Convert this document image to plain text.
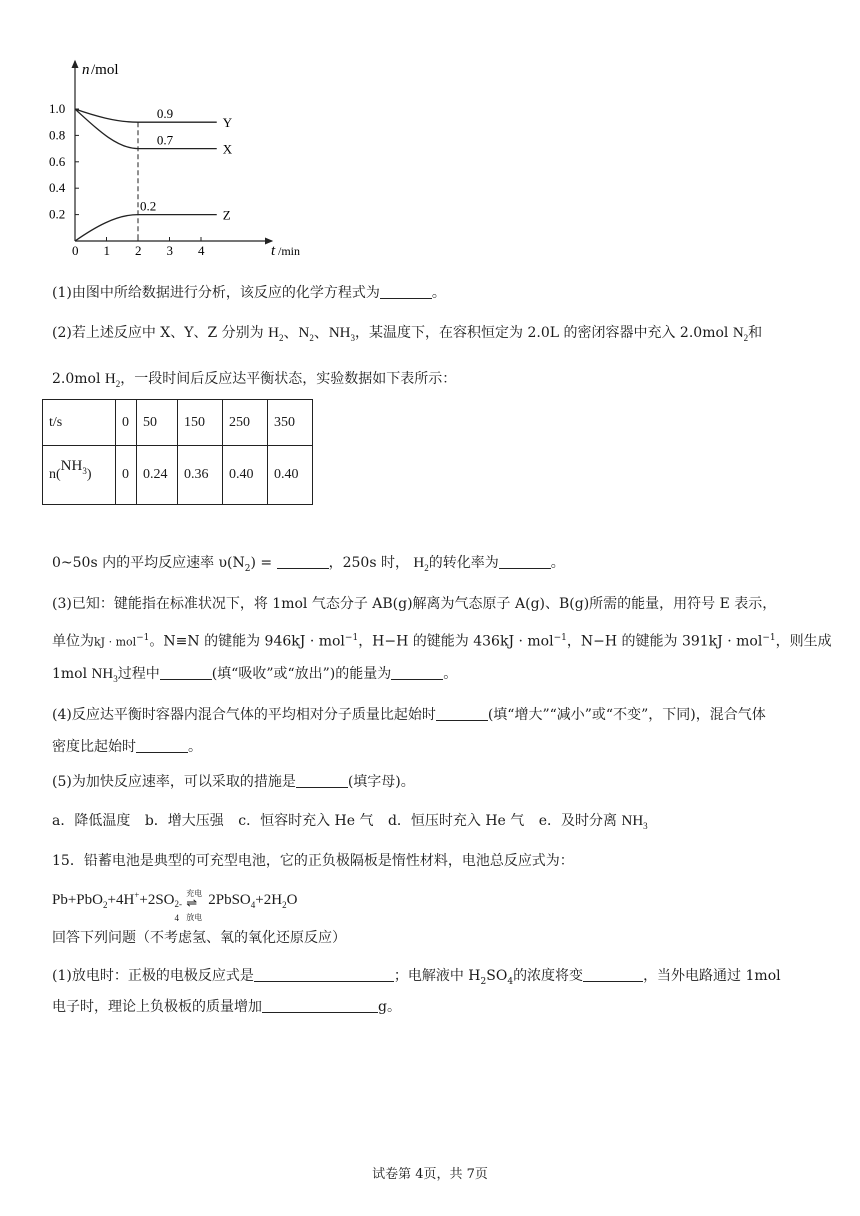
n /mol
t /min
0 1 2 3 4
0.2
0.4
0.6
0.8
1.0
Y
0.9
X
0.7
Z
0.2
(1)由图中所给数据进行分析，该反应的化学方程式为	。
(2)若上述反应中 X、Y、Z 分别为 $H_2$、$N_2$、$NH_3$，某温度下，在容积恒定为 2.0L 的密闭容器中充入 2.0mol $N_2$和
2.0mol $H_2$，一段时间后反应达平衡状态，实验数据如下表所示：
t/s	0	50	150	250	350
$n(NH_3)$	0	0.24	0.36	0.40	0.40
0~50s 内的平均反应速率 $\upsilon(N_2)$ =	，250s 时， $H_2$的转化率为	。
(3)已知：键能指在标准状况下，将 1mol 气态分子 AB(g)解离为气态原子 A(g)、B(g)所需的能量，用符号 E 表示，
单位为kJ · mol$^{-1}$。N≡N 的键能为 946kJ · mol$^{-1}$，H−H 的键能为 436kJ · mol$^{-1}$，N−H 的键能为 391kJ · mol$^{-1}$，则生成
1mol $NH_3$过程中	(填“吸收”或“放出”)的能量为	。
(4)反应达平衡时容器内混合气体的平均相对分子质量比起始时	(填“增大”“减小”或“不变”，下同)，混合气体
密度比起始时	。
(5)为加快反应速率，可以采取的措施是	(填字母)。
a．降低温度 b．增大压强 c．恒容时充入 He 气 d．恒压时充入 He 气 e．及时分离 $NH_3$
15．铅蓄电池是典型的可充型电池，它的正负极隔板是惰性材料，电池总反应式为：
Pb+PbO$_2$+4H++2SO 2-
4

充电
⇌
放电
$2PbSO_4+2H_2O$
回答下列问题（不考虑氢、氧的氧化还原反应）
(1)放电时：正极的电极反应式是	；电解液中 $H_2SO_4$的浓度将变	，当外电路通过 1mol
电子时，理论上负极板的质量增加	g。
试卷第 4页，共 7页
